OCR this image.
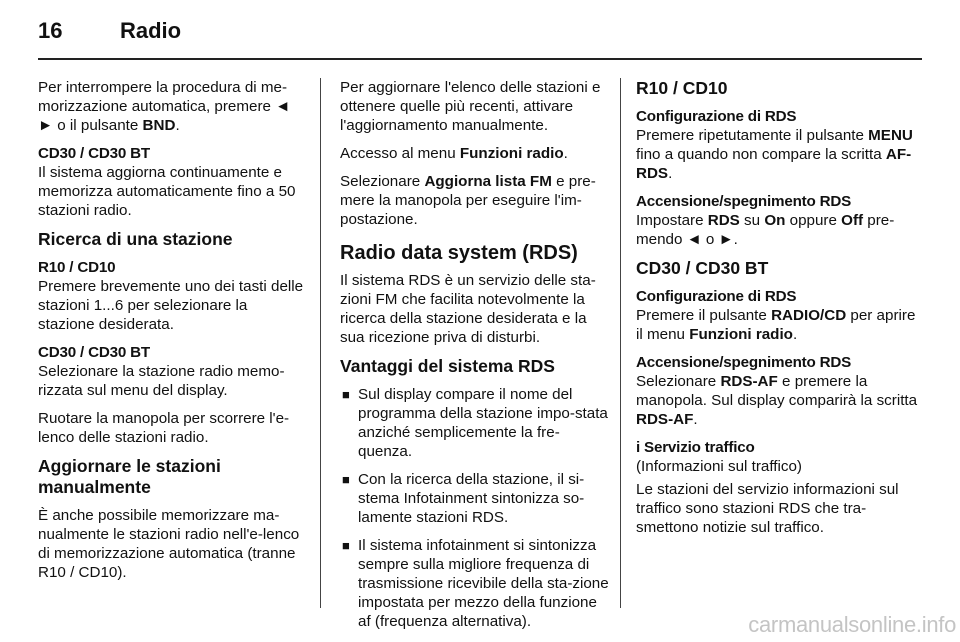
16	Radio

Per interrompere la procedura di me-morizzazione automatica, premere ◄ ► o il pulsante BND.

CD30 / CD30 BT

Il sistema aggiorna continuamente e memorizza automaticamente fino a 50 stazioni radio.

Ricerca di una stazione
R10 / CD10

Premere brevemente uno dei tasti delle stazioni 1...6 per selezionare la stazione desiderata.

CD30 / CD30 BT

Selezionare la stazione radio memo-rizzata sul menu del display.

Ruotare la manopola per scorrere l'e-lenco delle stazioni radio.

Aggiornare le stazioni manualmente

È anche possibile memorizzare ma-nualmente le stazioni radio nell'e-lenco di memorizzazione automatica (tranne R10 / CD10).

Per aggiornare l'elenco delle stazioni e ottenere quelle più recenti, attivare l'aggiornamento manualmente.

Accesso al menu Funzioni radio.

Selezionare Aggiorna lista FM e pre-mere la manopola per eseguire l'im-postazione.

Radio data system (RDS)

Il sistema RDS è un servizio delle sta-zioni FM che facilita notevolmente la ricerca della stazione desiderata e la sua ricezione priva di disturbi.

Vantaggi del sistema RDS
■ Sul display compare il nome del programma della stazione impo-stata anziché semplicemente la fre-quenza.
■ Con la ricerca della stazione, il si-stema Infotainment sintonizza so-lamente stazioni RDS.
■ Il sistema infotainment si sintonizza sempre sulla migliore frequenza di trasmissione ricevibile della sta-zione impostata per mezzo della funzione af (frequenza alternativa).
R10 / CD10
Configurazione di RDS

Premere ripetutamente il pulsante MENU fino a quando non compare la scritta AF-RDS.

Accensione/spegnimento RDS

Impostare RDS su On oppure Off pre-mendo ◄ o ►.

CD30 / CD30 BT
Configurazione di RDS

Premere il pulsante RADIO/CD per aprire il menu Funzioni radio.

Accensione/spegnimento RDS

Selezionare RDS-AF e premere la manopola. Sul display comparirà la scritta RDS-AF.

i Servizio traffico

(Informazioni sul traffico)

Le stazioni del servizio informazioni sul traffico sono stazioni RDS che tra-smettono notizie sul traffico.

carmanualsonline.info
